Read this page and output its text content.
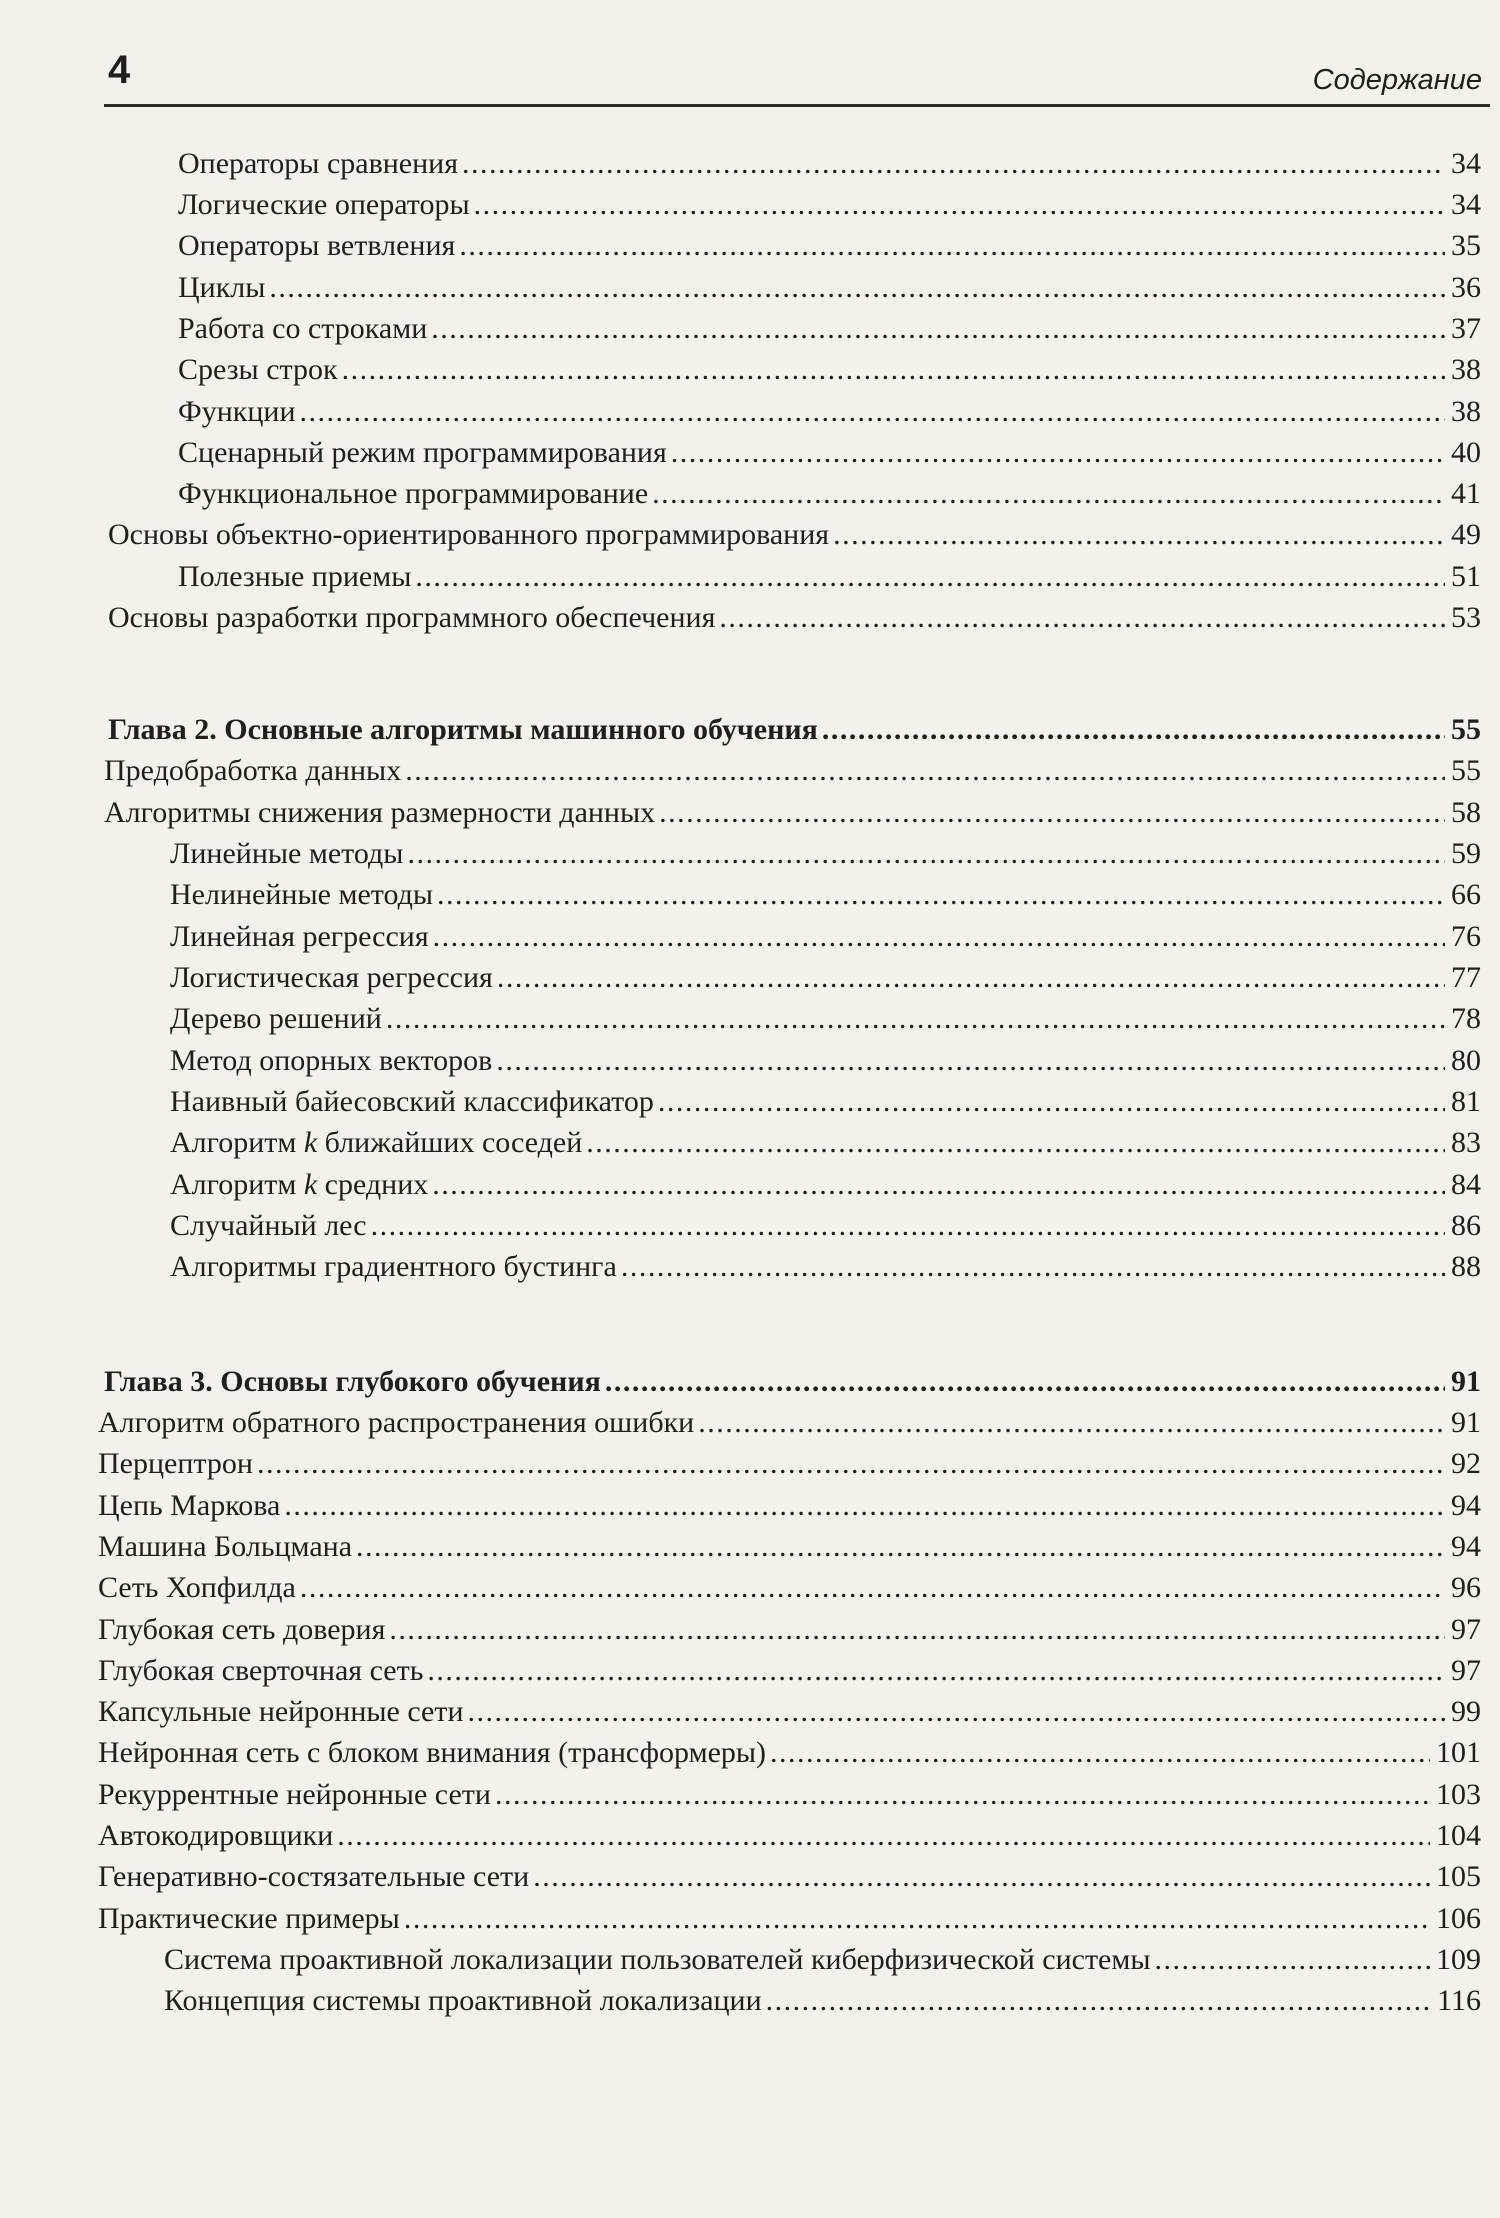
4	Содержание
Операторы сравнения .....	34
Логические операторы .....	34
Операторы ветвления .....	35
Циклы .....	36
Работа со строками .....	37
Срезы строк .....	38
Функции .....	38
Сценарный режим программирования .....	40
Функциональное программирование .....	41
Основы объектно-ориентированного программирования .....	49
Полезные приемы .....	51
Основы разработки программного обеспечения .....	53
Глава 2. Основные алгоритмы машинного обучения .....	55
Предобработка данных .....	55
Алгоритмы снижения размерности данных .....	58
Линейные методы .....	59
Нелинейные методы .....	66
Линейная регрессия .....	76
Логистическая регрессия .....	77
Дерево решений .....	78
Метод опорных векторов .....	80
Наивный байесовский классификатор .....	81
Алгоритм k ближайших соседей .....	83
Алгоритм k средних .....	84
Случайный лес .....	86
Алгоритмы градиентного бустинга .....	88
Глава 3. Основы глубокого обучения .....	91
Алгоритм обратного распространения ошибки .....	91
Перцептрон .....	92
Цепь Маркова .....	94
Машина Больцмана .....	94
Сеть Хопфилда .....	96
Глубокая сеть доверия .....	97
Глубокая сверточная сеть .....	97
Капсульные нейронные сети .....	99
Нейронная сеть с блоком внимания (трансформеры) .....	101
Рекуррентные нейронные сети .....	103
Автокодировщики .....	104
Генеративно-состязательные сети .....	105
Практические примеры .....	106
Система проактивной локализации пользователей киберфизической системы .....	109
Концепция системы проактивной локализации .....	116
